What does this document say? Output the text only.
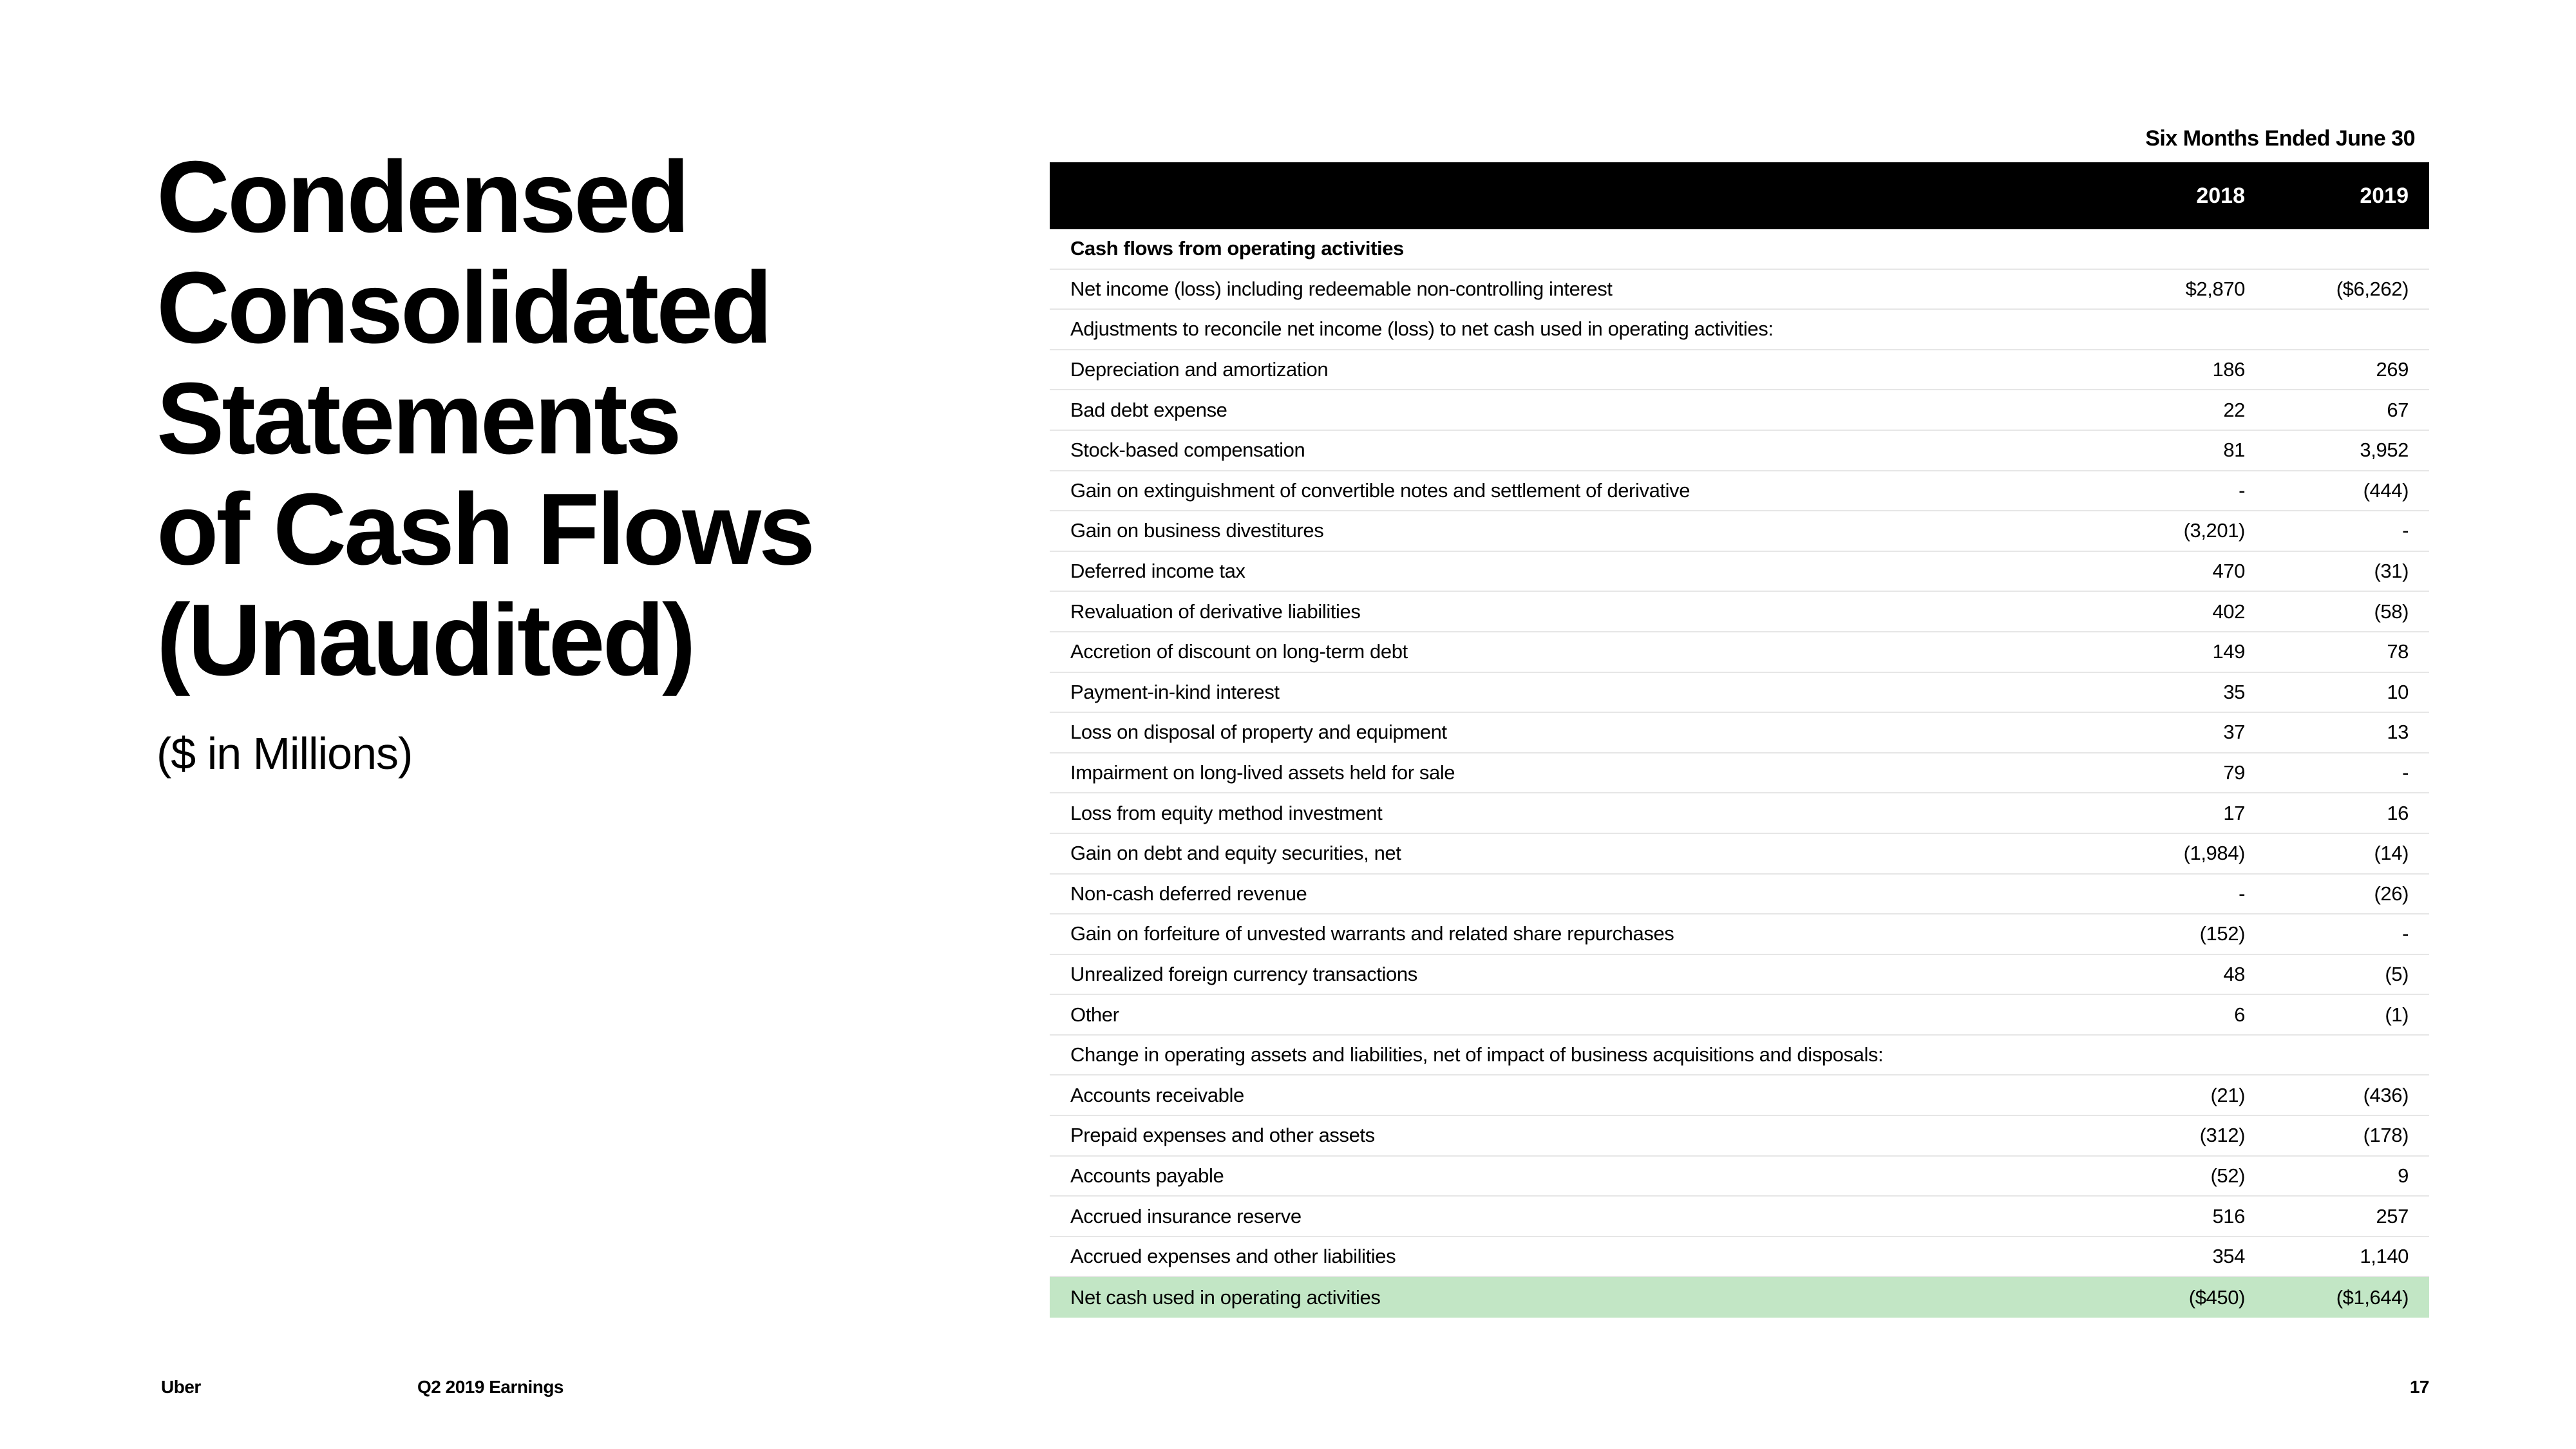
Condensed
Consolidated
Statements
of Cash Flows
(Unaudited)
($ in Millions)
Six Months Ended June 30
2018	2019
Cash flows from operating activities
Net income (loss) including redeemable non-controlling interest	$2,870	($6,262)
Adjustments to reconcile net income (loss) to net cash used in operating activities:
Depreciation and amortization	186	269
Bad debt expense	22	67
Stock-based compensation	81	3,952
Gain on extinguishment of convertible notes and settlement of derivative	-	(444)
Gain on business divestitures	(3,201)	-
Deferred income tax	470	(31)
Revaluation of derivative liabilities	402	(58)
Accretion of discount on long-term debt	149	78
Payment-in-kind interest	35	10
Loss on disposal of property and equipment	37	13
Impairment on long-lived assets held for sale	79	-
Loss from equity method investment	17	16
Gain on debt and equity securities, net	(1,984)	(14)
Non-cash deferred revenue	-	(26)
Gain on forfeiture of unvested warrants and related share repurchases	(152)	-
Unrealized foreign currency transactions	48	(5)
Other	6	(1)
Change in operating assets and liabilities, net of impact of business acquisitions and disposals:
Accounts receivable	(21)	(436)
Prepaid expenses and other assets	(312)	(178)
Accounts payable	(52)	9
Accrued insurance reserve	516	257
Accrued expenses and other liabilities	354	1,140
Net cash used in operating activities	($450)	($1,644)
Uber	Q2 2019 Earnings	17
